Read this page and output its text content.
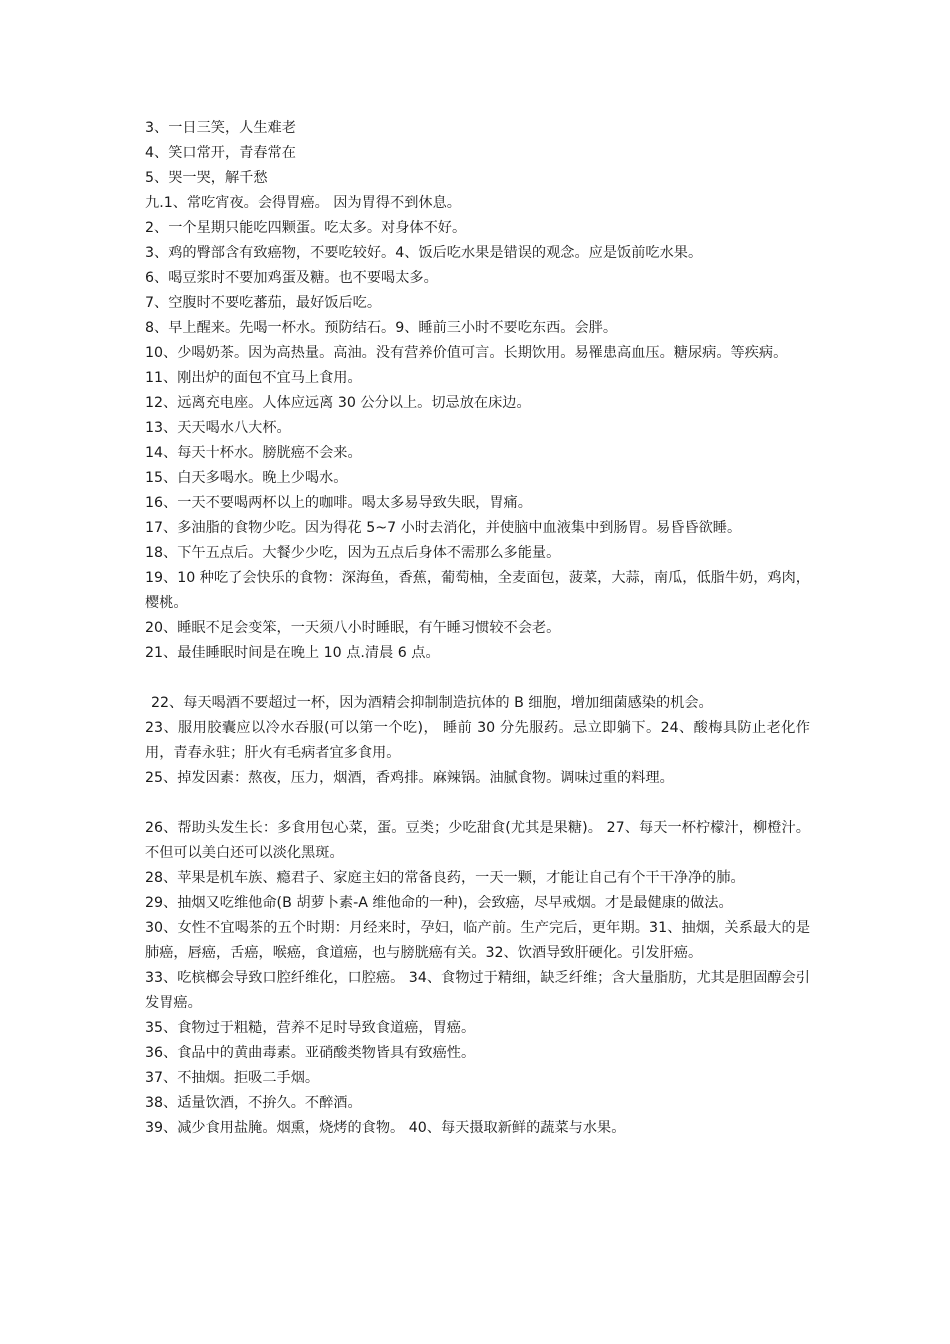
3、一日三笑，人生难老

4、笑口常开，青春常在

5、哭一哭，解千愁

九.1、常吃宵夜。会得胃癌。 因为胃得不到休息。

2、一个星期只能吃四颗蛋。吃太多。对身体不好。

3、鸡的臀部含有致癌物，不要吃较好。4、饭后吃水果是错误的观念。应是饭前吃水果。

6、喝豆浆时不要加鸡蛋及糖。也不要喝太多。

7、空腹时不要吃蕃茄，最好饭后吃。

8、早上醒来。先喝一杯水。预防结石。9、睡前三小时不要吃东西。会胖。

10、少喝奶茶。因为高热量。高油。没有营养价值可言。长期饮用。易罹患高血压。糖尿病。等疾病。

11、刚出炉的面包不宜马上食用。

12、远离充电座。人体应远离 30 公分以上。切忌放在床边。

13、天天喝水八大杯。

14、每天十杯水。膀胱癌不会来。

15、白天多喝水。晚上少喝水。

16、一天不要喝两杯以上的咖啡。喝太多易导致失眠，胃痛。

17、多油脂的食物少吃。因为得花 5~7 小时去消化，并使脑中血液集中到肠胃。易昏昏欲睡。

18、下午五点后。大餐少少吃，因为五点后身体不需那么多能量。

19、10 种吃了会快乐的食物：深海鱼，香蕉，葡萄柚，全麦面包，菠菜，大蒜，南瓜，低脂牛奶，鸡肉，樱桃。

20、睡眠不足会变笨，一天须八小时睡眠，有午睡习惯较不会老。

21、最佳睡眠时间是在晚上 10 点.清晨 6 点。

22、每天喝酒不要超过一杯，因为酒精会抑制制造抗体的 B 细胞，增加细菌感染的机会。

23、服用胶囊应以冷水吞服(可以第一个吃)， 睡前 30 分先服药。忌立即躺下。24、酸梅具防止老化作用，青春永驻；肝火有毛病者宜多食用。

25、掉发因素：熬夜，压力，烟酒，香鸡排。麻辣锅。油腻食物。调味过重的料理。

26、帮助头发生长：多食用包心菜，蛋。豆类；少吃甜食(尤其是果糖)。 27、每天一杯柠檬汁，柳橙汁。不但可以美白还可以淡化黑斑。

28、苹果是机车族、瘾君子、家庭主妇的常备良药，一天一颗，才能让自己有个干干净净的肺。

29、抽烟又吃维他命(B 胡萝卜素-A 维他命的一种)，会致癌，尽早戒烟。才是最健康的做法。

30、女性不宜喝茶的五个时期：月经来时，孕妇，临产前。生产完后，更年期。31、抽烟，关系最大的是肺癌，唇癌，舌癌，喉癌，食道癌，也与膀胱癌有关。32、饮酒导致肝硬化。引发肝癌。

33、吃槟榔会导致口腔纤维化，口腔癌。 34、食物过于精细，缺乏纤维；含大量脂肪，尤其是胆固醇会引发胃癌。

35、食物过于粗糙，营养不足时导致食道癌，胃癌。

36、食品中的黄曲毒素。亚硝酸类物皆具有致癌性。

37、不抽烟。拒吸二手烟。

38、适量饮酒，不拚久。不醉酒。

39、减少食用盐腌。烟熏，烧烤的食物。 40、每天摄取新鲜的蔬菜与水果。
